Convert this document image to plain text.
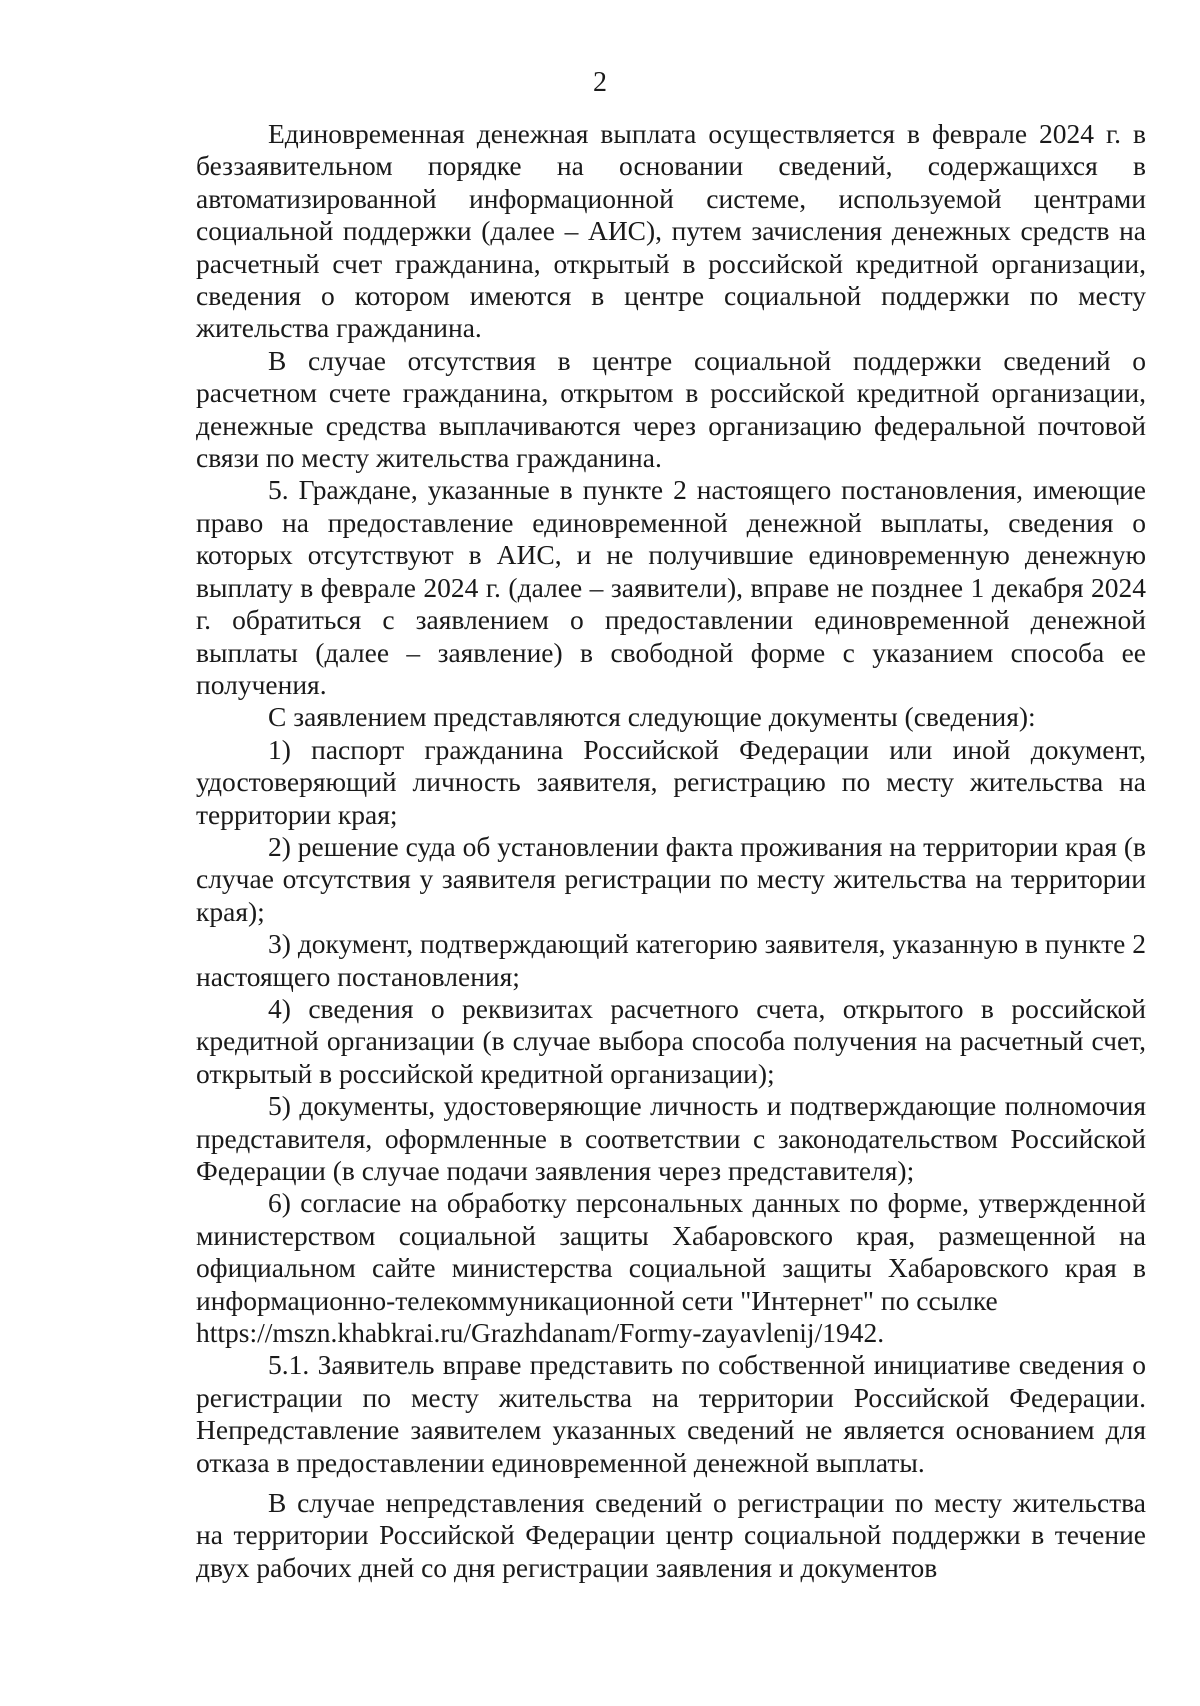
2

Единовременная денежная выплата осуществляется в феврале 2024 г. в беззаявительном порядке на основании сведений, содержащихся в автоматизированной информационной системе, используемой центрами социальной поддержки (далее – АИС), путем зачисления денежных средств на расчетный счет гражданина, открытый в российской кредитной организации, сведения о котором имеются в центре социальной поддержки по месту жительства гражданина.

В случае отсутствия в центре социальной поддержки сведений о расчетном счете гражданина, открытом в российской кредитной организации, денежные средства выплачиваются через организацию федеральной почтовой связи по месту жительства гражданина.

5. Граждане, указанные в пункте 2 настоящего постановления, имеющие право на предоставление единовременной денежной выплаты, сведения о которых отсутствуют в АИС, и не получившие единовременную денежную выплату в феврале 2024 г. (далее – заявители), вправе не позднее 1 декабря 2024 г. обратиться с заявлением о предоставлении единовременной денежной выплаты (далее – заявление) в свободной форме с указанием способа ее получения.

С заявлением представляются следующие документы (сведения):

1) паспорт гражданина Российской Федерации или иной документ, удостоверяющий личность заявителя, регистрацию по месту жительства на территории края;

2) решение суда об установлении факта проживания на территории края (в случае отсутствия у заявителя регистрации по месту жительства на территории края);

3) документ, подтверждающий категорию заявителя, указанную в пункте 2 настоящего постановления;

4) сведения о реквизитах расчетного счета, открытого в российской кредитной организации (в случае выбора способа получения на расчетный счет, открытый в российской кредитной организации);

5) документы, удостоверяющие личность и подтверждающие полномочия представителя, оформленные в соответствии с законодательством Российской Федерации (в случае подачи заявления через представителя);

6) согласие на обработку персональных данных по форме, утвержденной министерством социальной защиты Хабаровского края, размещенной на официальном сайте министерства социальной защиты Хабаровского края в информационно-телекоммуникационной сети "Интернет" по ссылке

https://mszn.khabkrai.ru/Grazhdanam/Formy-zayavlenij/1942.

5.1. Заявитель вправе представить по собственной инициативе сведения о регистрации по месту жительства на территории Российской Федерации. Непредставление заявителем указанных сведений не является основанием для отказа в предоставлении единовременной денежной выплаты.

В случае непредставления сведений о регистрации по месту жительства на территории Российской Федерации центр социальной поддержки в течение двух рабочих дней со дня регистрации заявления и документов
